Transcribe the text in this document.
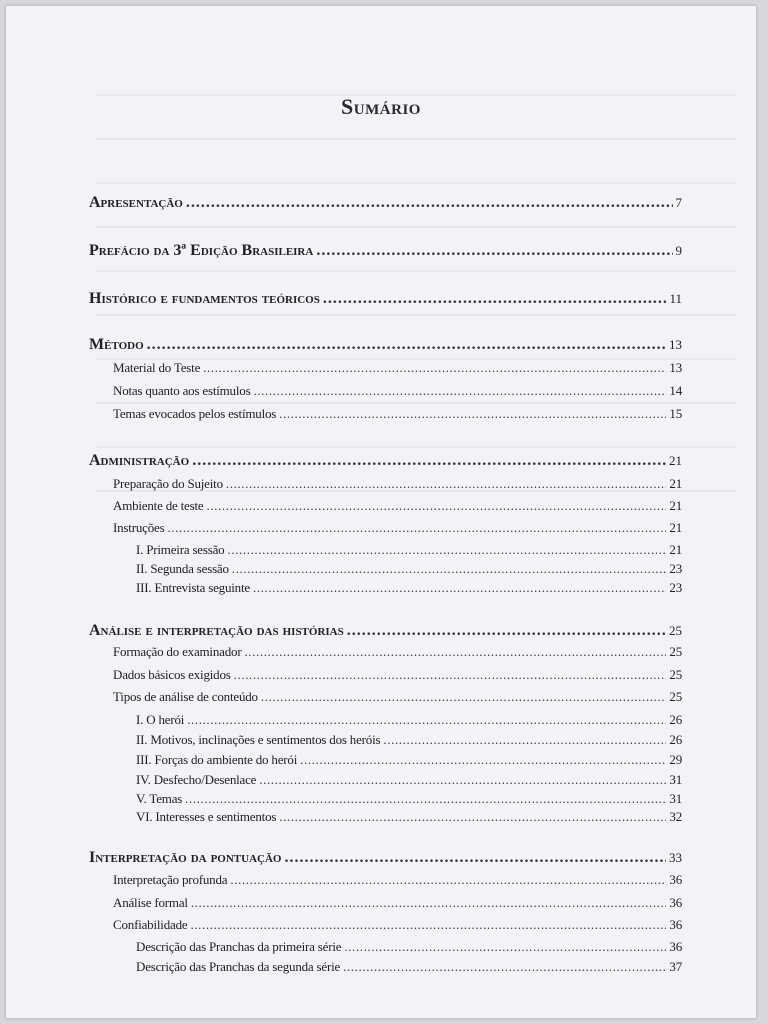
Sumário
Apresentação .....	7
Prefácio da 3ª Edição Brasileira .....	9
Histórico e fundamentos teóricos .....	11
Método .....	13
Material do Teste .....	13
Notas quanto aos estímulos .....	14
Temas evocados pelos estímulos .....	15
Administração .....	21
Preparação do Sujeito .....	21
Ambiente de teste .....	21
Instruções .....	21
I. Primeira sessão .....	21
II. Segunda sessão .....	23
III. Entrevista seguinte .....	23
Análise e interpretação das histórias .....	25
Formação do examinador .....	25
Dados básicos exigidos .....	25
Tipos de análise de conteúdo .....	25
I. O herói .....	26
II. Motivos, inclinações e sentimentos dos heróis .....	26
III. Forças do ambiente do herói .....	29
IV. Desfecho/Desenlace .....	31
V. Temas .....	31
VI. Interesses e sentimentos .....	32
Interpretação da pontuação .....	33
Interpretação profunda .....	36
Análise formal .....	36
Confiabilidade .....	36
Descrição das Pranchas da primeira série .....	36
Descrição das Pranchas da segunda série .....	37
